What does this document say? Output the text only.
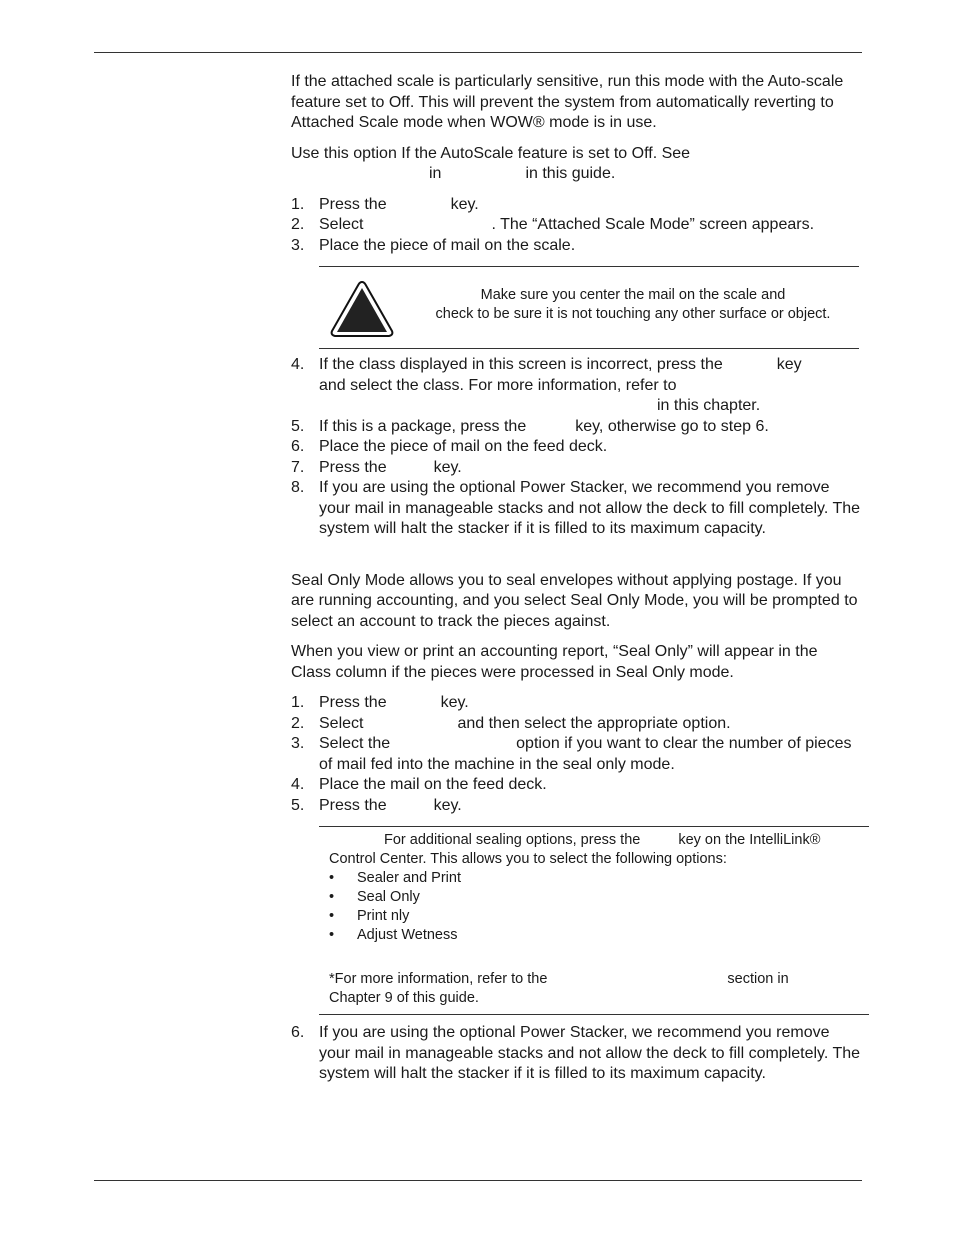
If the attached scale is particularly sensitive, run this mode with the Auto-scale feature set to Off. This will prevent the system from automatically reverting to Attached Scale mode when WOW® mode is in use.

Use this option If the AutoScale feature is set to Off. See
in	in this guide.

1. Press the	key.
2. Select	. The “Attached Scale Mode” screen appears.
3. Place the piece of mail on the scale.
Make sure you center the mail on the scale and
check to be sure it is not touching any other surface or object.
4. If the class displayed in this screen is incorrect, press the	key
and select the class. For more information, refer to
in this chapter.
5. If this is a package, press the	key, otherwise go to step 6.
6. Place the piece of mail on the feed deck.
7. Press the	key.
8. If you are using the optional Power Stacker, we recommend you remove your mail in manageable stacks and not allow the deck to fill completely. The system will halt the stacker if it is filled to its maximum capacity.

Seal Only Mode allows you to seal envelopes without applying postage. If you are running accounting, and you select Seal Only Mode, you will be prompted to select an account to track the pieces against.

When you view or print an accounting report, “Seal Only” will appear in the Class column if the pieces were processed in Seal Only mode.

1. Press the	key.
2. Select	and then select the appropriate option.
3. Select the	option if you want to clear the number of pieces of mail fed into the machine in the seal only mode.
4. Place the mail on the feed deck.
5. Press the	key.
For additional sealing options, press the	key on the IntelliLink®
Control Center. This allows you to select the following options:
• Sealer and Print
• Seal Only
• Print nly
• Adjust Wetness
*For more information, refer to the	section in
Chapter 9 of this guide.
6. If you are using the optional Power Stacker, we recommend you remove your mail in manageable stacks and not allow the deck to fill completely. The system will halt the stacker if it is filled to its maximum capacity.
